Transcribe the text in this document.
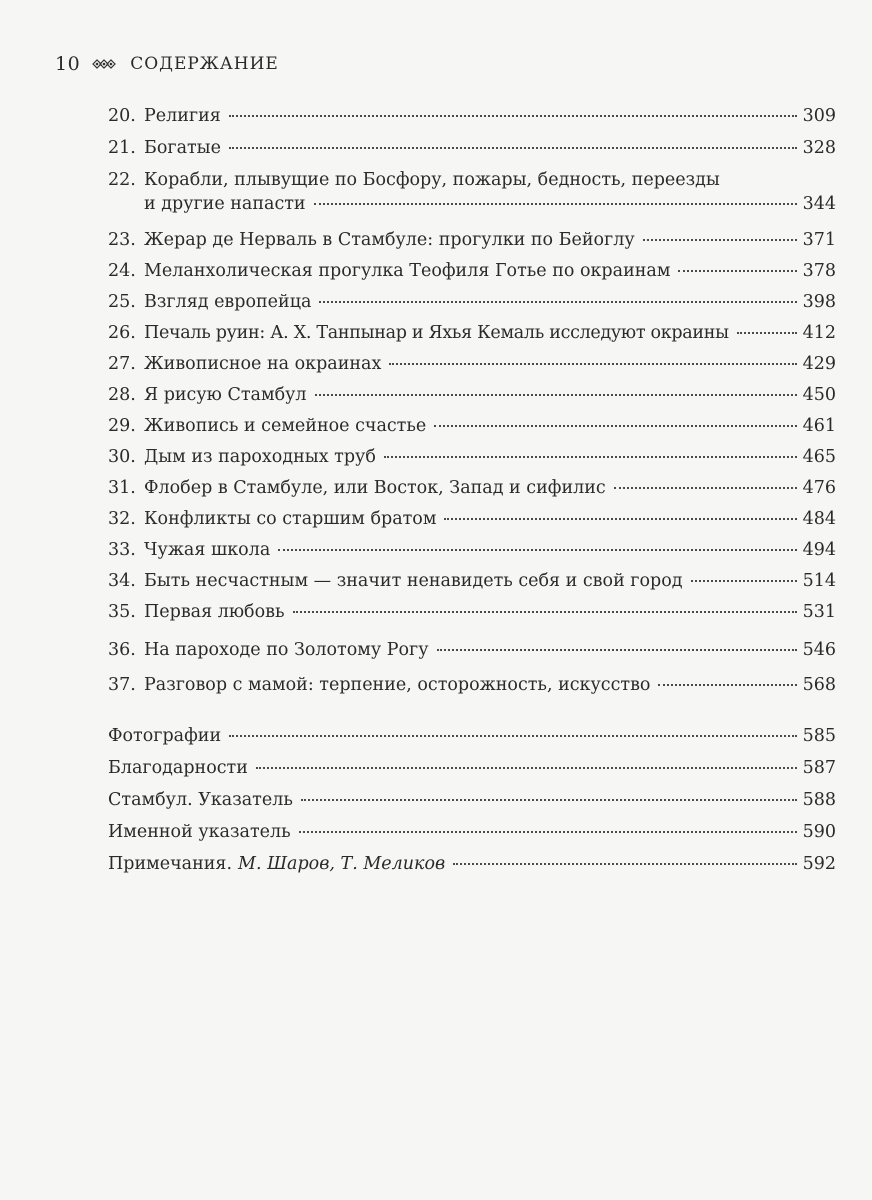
10	СОДЕРЖАНИЕ
20. Религия	309
21. Богатые	328
22. Корабли, плывущие по Босфору, пожары, бедность, переезды
и другие напасти	344
23. Жерар де Нерваль в Стамбуле: прогулки по Бейоглу	371
24. Меланхолическая прогулка Теофиля Готье по окраинам	378
25. Взгляд европейца	398
26. Печаль руин: А. Х. Танпынар и Яхья Кемаль исследуют окраины	412
27. Живописное на окраинах	429
28. Я рисую Стамбул	450
29. Живопись и семейное счастье	461
30. Дым из пароходных труб	465
31. Флобер в Стамбуле, или Восток, Запад и сифилис	476
32. Конфликты со старшим братом	484
33. Чужая школа	494
34. Быть несчастным — значит ненавидеть себя и свой город	514
35. Первая любовь	531
36. На пароходе по Золотому Рогу	546
37. Разговор с мамой: терпение, осторожность, искусство	568
Фотографии	585
Благодарности	587
Стамбул. Указатель	588
Именной указатель	590
Примечания. М. Шаров, Т. Меликов	592
